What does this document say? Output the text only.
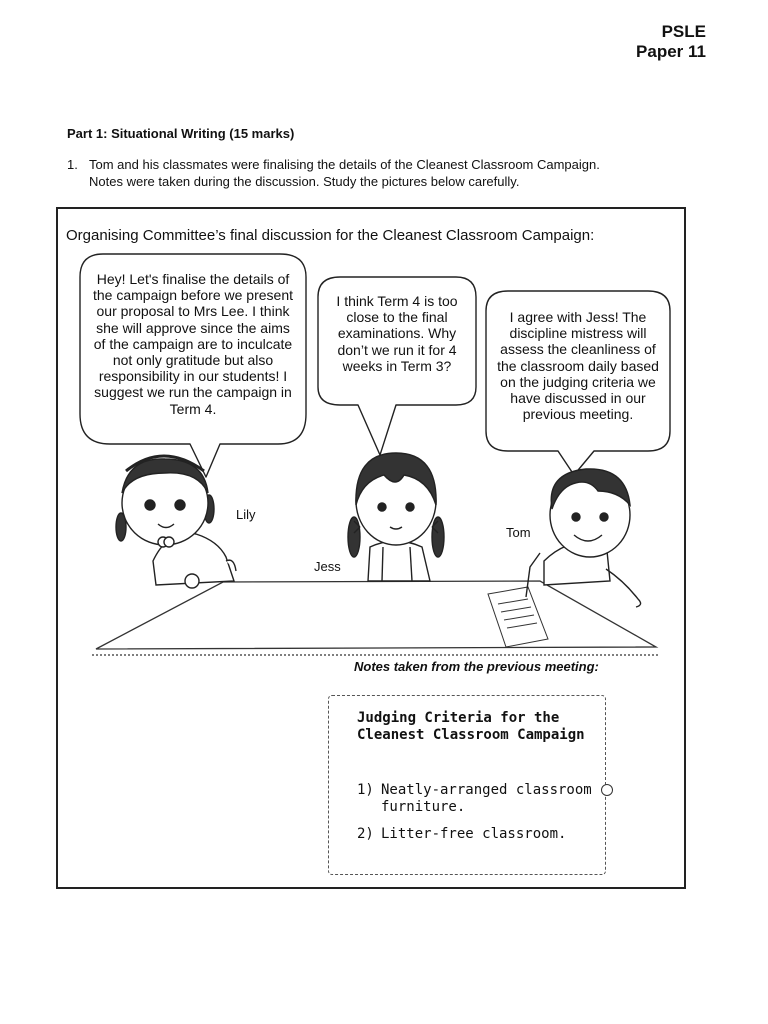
PSLE
Paper 11
Part 1: Situational Writing (15 marks)
1. Tom and his classmates were finalising the details of the Cleanest Classroom Campaign.
Notes were taken during the discussion. Study the pictures below carefully.
Organising Committee’s final discussion for the Cleanest Classroom Campaign:
Hey! Let's finalise the details of the campaign before we present our proposal to Mrs Lee. I think she will approve since the aims of the campaign are to inculcate not only gratitude but also responsibility in our students! I suggest we run the campaign in Term 4.
I think Term 4 is too close to the final examinations. Why don’t we run it for 4 weeks in Term 3?
I agree with Jess! The discipline mistress will assess the cleanliness of the classroom daily based on the judging criteria we have discussed in our previous meeting.
Lily
Jess
Tom
Notes taken from the previous meeting:
Judging Criteria for the Cleanest Classroom Campaign
1) Neatly-arranged classroom furniture.
2) Litter-free classroom.
